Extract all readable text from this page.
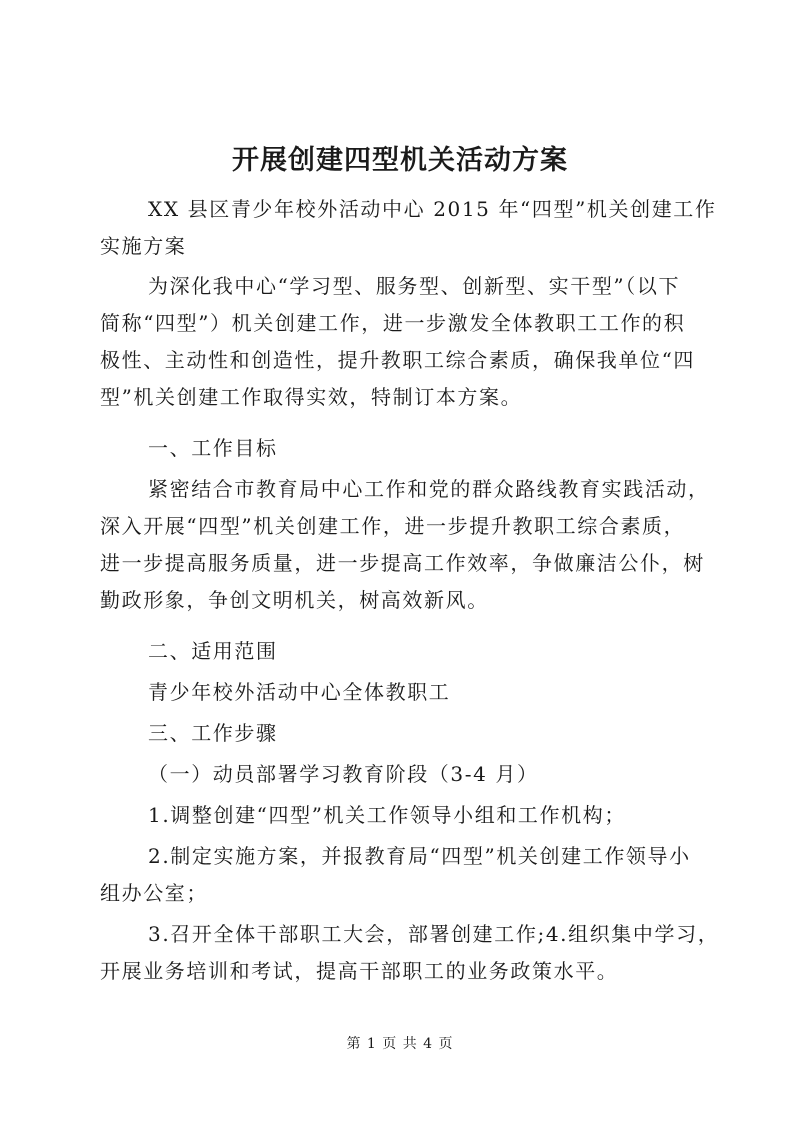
开展创建四型机关活动方案

XX 县区青少年校外活动中心 2015 年“四型”机关创建工作
实施方案

为深化我中心“学习型、服务型、创新型、实干型”（以下
简称“四型”）机关创建工作，进一步激发全体教职工工作的积
极性、主动性和创造性，提升教职工综合素质，确保我单位“四
型”机关创建工作取得实效，特制订本方案。

一、工作目标

紧密结合市教育局中心工作和党的群众路线教育实践活动，
深入开展“四型”机关创建工作，进一步提升教职工综合素质，
进一步提高服务质量，进一步提高工作效率，争做廉洁公仆，树
勤政形象，争创文明机关，树高效新风。

二、适用范围

青少年校外活动中心全体教职工

三、工作步骤

（一）动员部署学习教育阶段（3-4 月）

1.调整创建“四型”机关工作领导小组和工作机构；

2.制定实施方案，并报教育局“四型”机关创建工作领导小
组办公室；

3.召开全体干部职工大会，部署创建工作;4.组织集中学习，
开展业务培训和考试，提高干部职工的业务政策水平。

第 1 页 共 4 页
